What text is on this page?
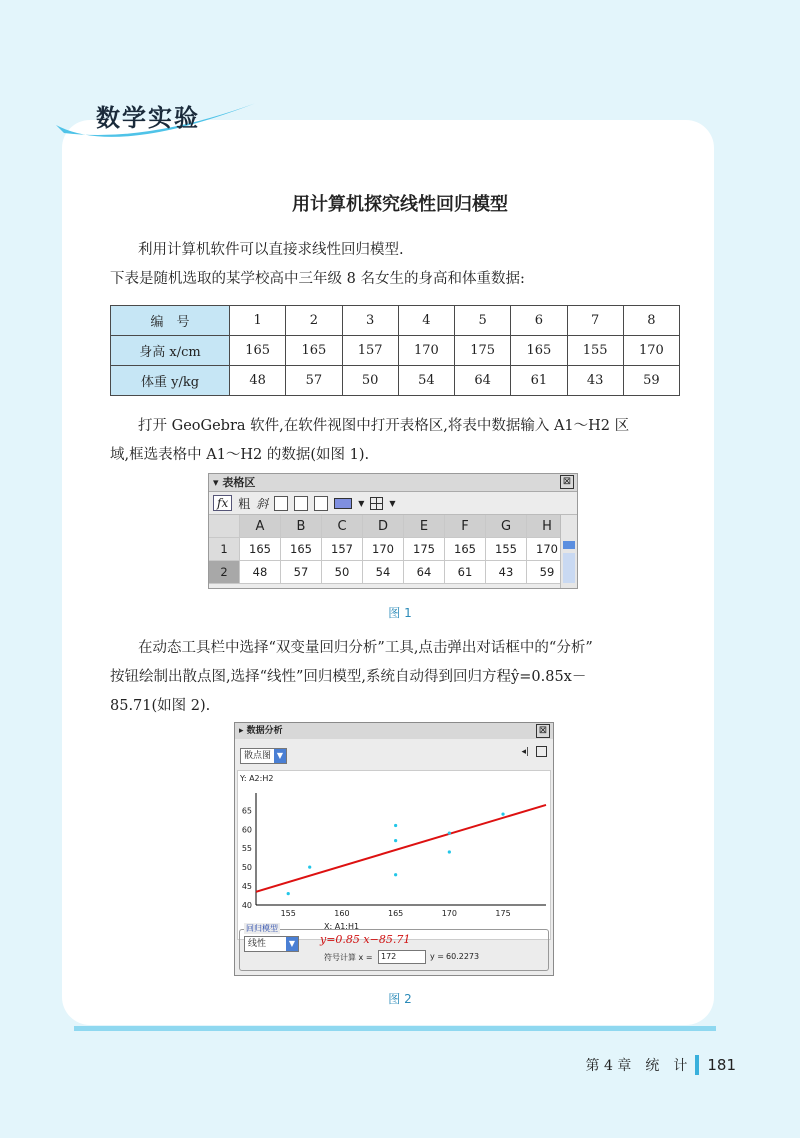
数学实验
用计算机探究线性回归模型
利用计算机软件可以直接求线性回归模型.
下表是随机选取的某学校高中三年级 8 名女生的身高和体重数据:
编　号	1	2	3	4	5	6	7	8
身高 x/cm	165	165	157	170	175	165	155	170
体重 y/kg	48	57	50	54	64	61	43	59
打开 GeoGebra 软件,在软件视图中打开表格区,将表中数据输入 A1～H2 区
域,框选表格中 A1～H2 的数据(如图 1).
▾ 表格区	⊠
fx 粗 斜	▼	▼
A	B	C	D	E	F	G	H
1	165	165	157	170	175	165	155	170
2	48	57	50	54	64	61	43	59
图 1
在动态工具栏中选择“双变量回归分析”工具,点击弹出对话框中的“分析”
按钮绘制出散点图,选择“线性”回归模型,系统自动得到回归方程ŷ=0.85x－
85.71(如图 2).
▸ 数据分析	⊠
散点图 ▼	◂|
Y: A2:H2
X: A1:H1
40
45
50
55
60
65
155	160	165	170	175
回归模型
线性	▼ y=0.85 x−85.71
符号计算 x =	172	y = 60.2273
图 2
第 4 章　统　计 181
